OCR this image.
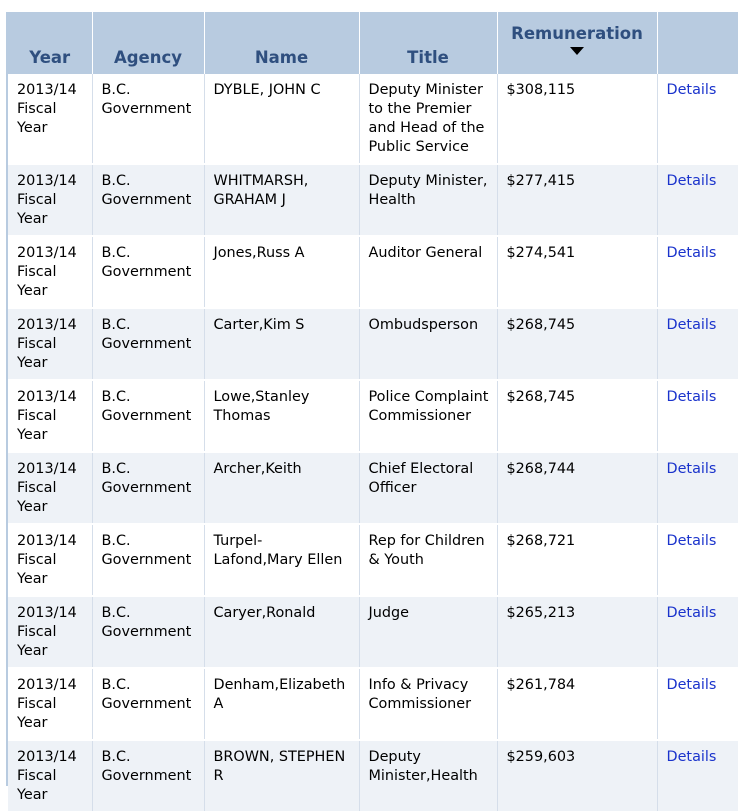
Year	Agency	Name	Title	Remuneration	

2013/14 Fiscal Year	B.C. Government	DYBLE, JOHN C	Deputy Minister to the Premier and Head of the Public Service	$308,115	Details
2013/14 Fiscal Year	B.C. Government	WHITMARSH, GRAHAM J	Deputy Minister, Health	$277,415	Details
2013/14 Fiscal Year	B.C. Government	Jones,Russ A	Auditor General	$274,541	Details
2013/14 Fiscal Year	B.C. Government	Carter,Kim S	Ombudsperson	$268,745	Details
2013/14 Fiscal Year	B.C. Government	Lowe,Stanley Thomas	Police Complaint Commissioner	$268,745	Details
2013/14 Fiscal Year	B.C. Government	Archer,Keith	Chief Electoral Officer	$268,744	Details
2013/14 Fiscal Year	B.C. Government	Turpel-Lafond,Mary Ellen	Rep for Children & Youth	$268,721	Details
2013/14 Fiscal Year	B.C. Government	Caryer,Ronald	Judge	$265,213	Details
2013/14 Fiscal Year	B.C. Government	Denham,Elizabeth A	Info & Privacy Commissioner	$261,784	Details
2013/14 Fiscal Year	B.C. Government	BROWN, STEPHEN R	Deputy Minister,Health	$259,603	Details
